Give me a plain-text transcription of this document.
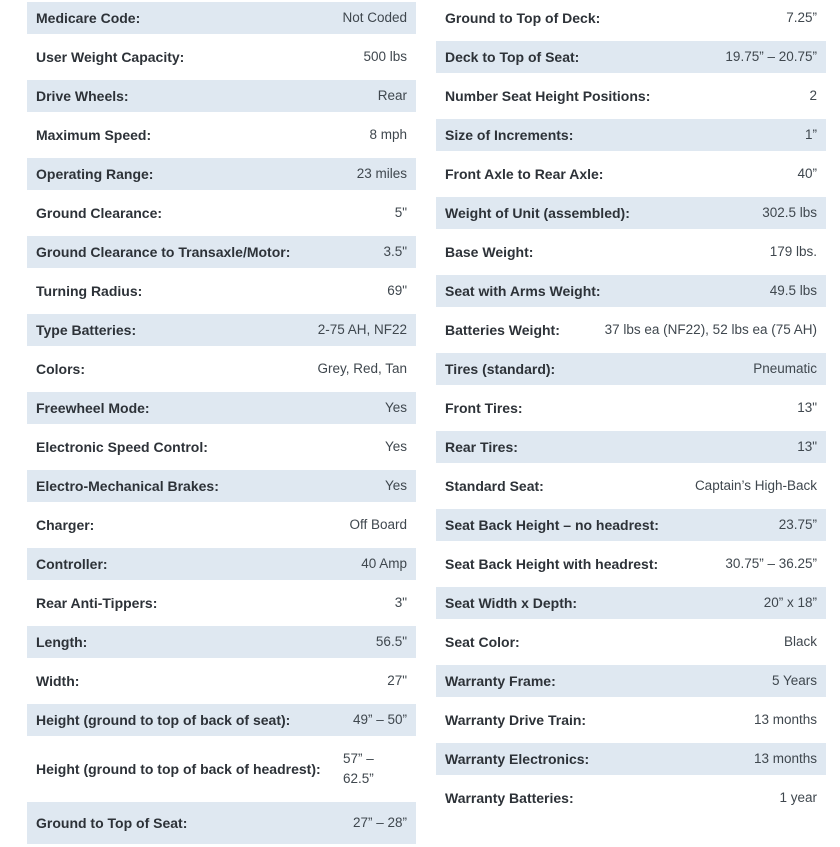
Medicare Code:	Not Coded
User Weight Capacity:	500 lbs
Drive Wheels:	Rear
Maximum Speed:	8 mph
Operating Range:	23 miles
Ground Clearance:	5"
Ground Clearance to Transaxle/Motor:	3.5"
Turning Radius:	69"
Type Batteries:	2-75 AH, NF22
Colors:	Grey, Red, Tan
Freewheel Mode:	Yes
Electronic Speed Control:	Yes
Electro-Mechanical Brakes:	Yes
Charger:	Off Board
Controller:	40 Amp
Rear Anti-Tippers:	3"
Length:	56.5"
Width:	27"
Height (ground to top of back of seat):	49” – 50”
Height (ground to top of back of headrest):
57” – 62.5”
Ground to Top of Seat:	27” – 28”
Ground to Top of Deck:	7.25”
Deck to Top of Seat:	19.75” – 20.75”
Number Seat Height Positions:	2
Size of Increments:	1”
Front Axle to Rear Axle:	40”
Weight of Unit (assembled):	302.5 lbs
Base Weight:	179 lbs.
Seat with Arms Weight:	49.5 lbs
Batteries Weight:	37 lbs ea (NF22), 52 lbs ea (75 AH)
Tires (standard):	Pneumatic
Front Tires:	13"
Rear Tires:	13"
Standard Seat:	Captain’s High-Back
Seat Back Height – no headrest:	23.75”
Seat Back Height with headrest:	30.75” – 36.25”
Seat Width x Depth:	20” x 18”
Seat Color:	Black
Warranty Frame:	5 Years
Warranty Drive Train:	13 months
Warranty Electronics:	13 months
Warranty Batteries:	1 year
